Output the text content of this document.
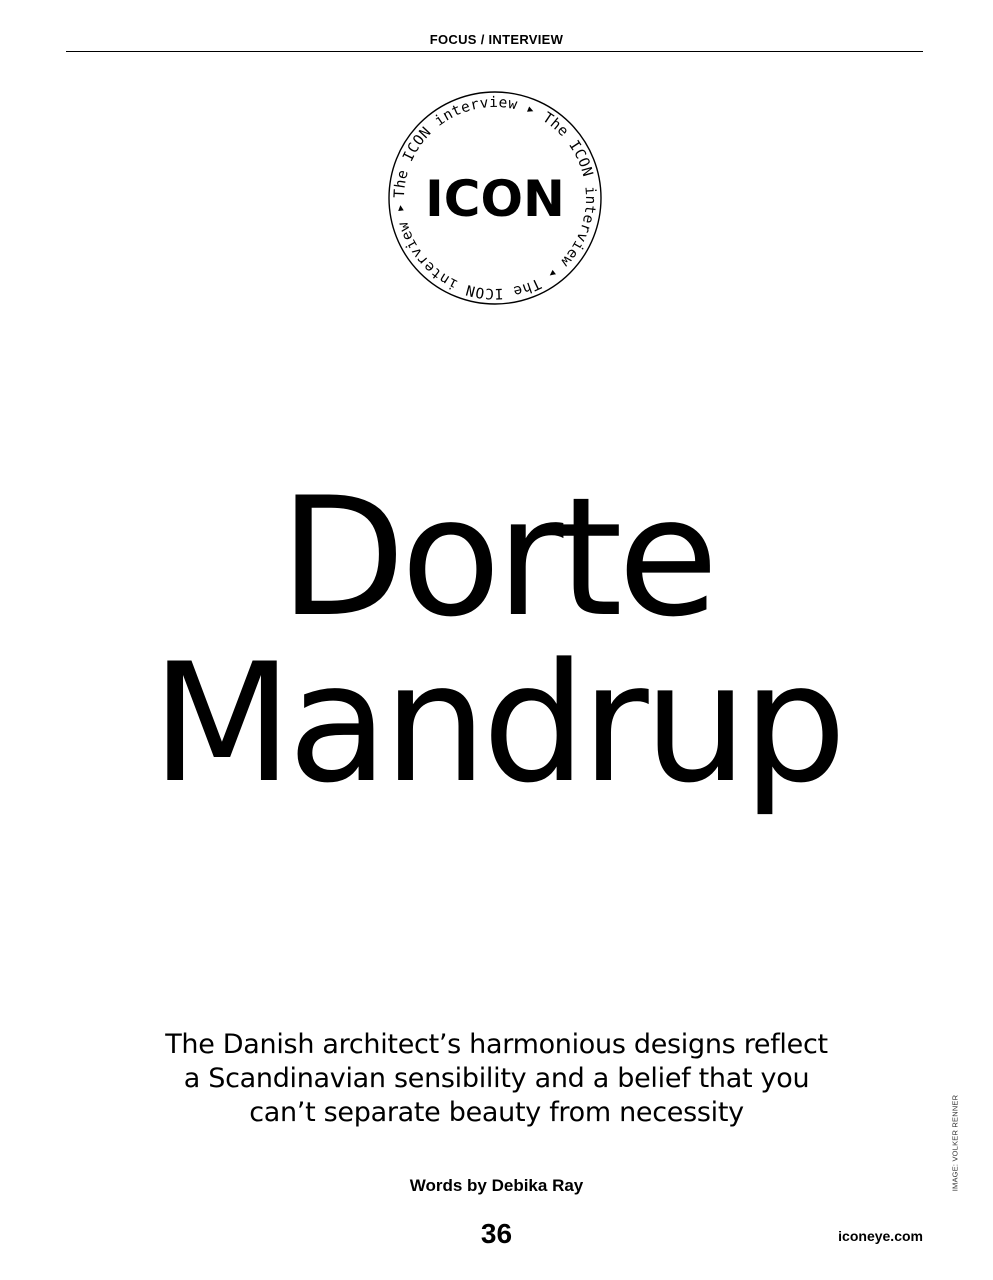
FOCUS / INTERVIEW
The ICON interview ▸ The ICON interview ▸ The ICON interview ▸ ICON
Dorte
Mandrup
The Danish architect’s harmonious designs reflect
a Scandinavian sensibility and a belief that you
can’t separate beauty from necessity
Words by Debika Ray
36	iconeye.com
IMAGE: VOLKER RENNER
